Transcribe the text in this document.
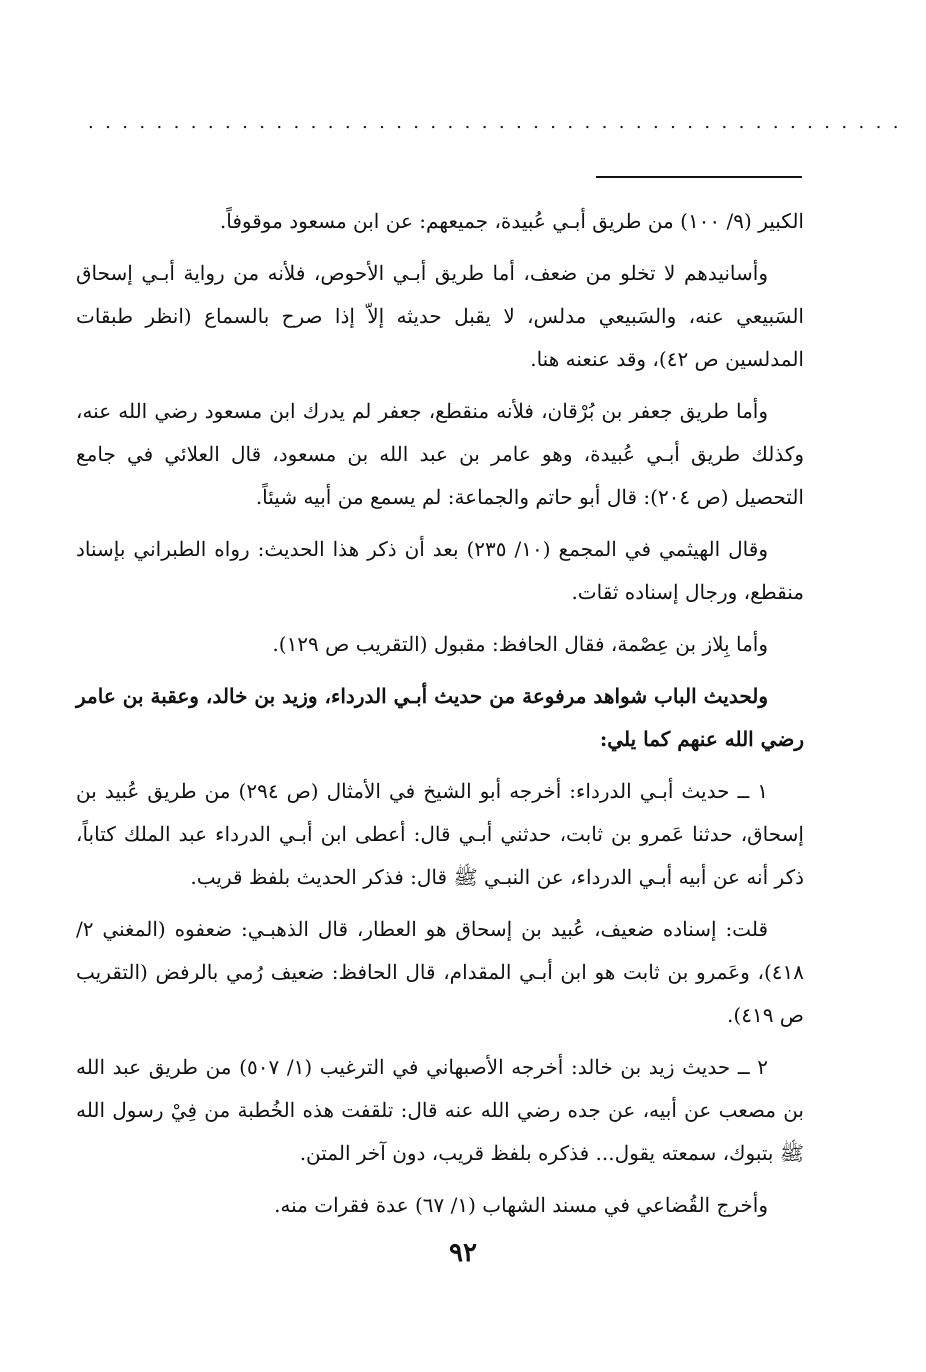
................................................

الكبير (٩/ ١٠٠) من طريق أبـي عُبيدة، جميعهم: عن ابن مسعود موقوفاً.

وأسانيدهم لا تخلو من ضعف، أما طريق أبـي الأحوص، فلأنه من رواية أبـي إسحاق السَبيعي عنه، والسَبيعي مدلس، لا يقبل حديثه إلاّ إذا صرح بالسماع (انظر طبقات المدلسين ص ٤٢)، وقد عنعنه هنا.

وأما طريق جعفر بن بُرْقان، فلأنه منقطع، جعفر لم يدرك ابن مسعود رضي الله عنه، وكذلك طريق أبـي عُبيدة، وهو عامر بن عبد الله بن مسعود، قال العلائي في جامع التحصيل (ص ٢٠٤): قال أبو حاتم والجماعة: لم يسمع من أبيه شيئاً.

وقال الهيثمي في المجمع (١٠/ ٢٣٥) بعد أن ذكر هذا الحديث: رواه الطبراني بإسناد منقطع، ورجال إسناده ثقات.

وأما بِلاز بن عِصْمة، فقال الحافظ: مقبول (التقريب ص ١٢٩).

ولحديث الباب شواهد مرفوعة من حديث أبـي الدرداء، وزيد بن خالد، وعقبة بن عامر رضي الله عنهم كما يلي:

١ ــ حديث أبـي الدرداء: أخرجه أبو الشيخ في الأمثال (ص ٢٩٤) من طريق عُبيد بن إسحاق، حدثنا عَمرو بن ثابت، حدثني أبـي قال: أعطى ابن أبـي الدرداء عبد الملك كتاباً، ذكر أنه عن أبيه أبـي الدرداء، عن النبـي ﷺ قال: فذكر الحديث بلفظ قريب.

قلت: إسناده ضعيف، عُبيد بن إسحاق هو العطار، قال الذهبـي: ضعفوه (المغني ٢/ ٤١٨)، وعَمرو بن ثابت هو ابن أبـي المقدام، قال الحافظ: ضعيف رُمي بالرفض (التقريب ص ٤١٩).

٢ ــ حديث زيد بن خالد: أخرجه الأصبهاني في الترغيب (١/ ٥٠٧) من طريق عبد الله بن مصعب عن أبيه، عن جده رضي الله عنه قال: تلقفت هذه الخُطبة من فِيْ رسول الله ﷺ بتبوك، سمعته يقول... فذكره بلفظ قريب، دون آخر المتن.

وأخرج القُضاعي في مسند الشهاب (١/ ٦٧) عدة فقرات منه.

٩٢
